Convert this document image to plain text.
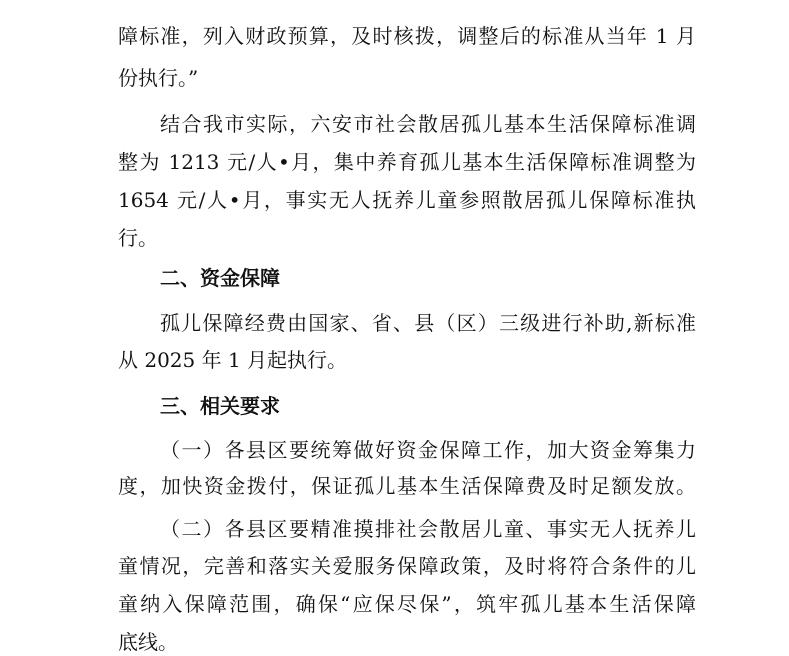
障标准，列入财政预算，及时核拨，调整后的标准从当年 1 月
份执行。”
结合我市实际，六安市社会散居孤儿基本生活保障标准调
整为 1213 元/人•月，集中养育孤儿基本生活保障标准调整为
1654 元/人•月，事实无人抚养儿童参照散居孤儿保障标准执
行。
二、资金保障
孤儿保障经费由国家、省、县（区）三级进行补助,新标准
从 2025 年 1 月起执行。
三、相关要求
（一）各县区要统筹做好资金保障工作，加大资金筹集力
度，加快资金拨付，保证孤儿基本生活保障费及时足额发放。
（二）各县区要精准摸排社会散居儿童、事实无人抚养儿
童情况，完善和落实关爱服务保障政策，及时将符合条件的儿
童纳入保障范围，确保“应保尽保”，筑牢孤儿基本生活保障
底线。
